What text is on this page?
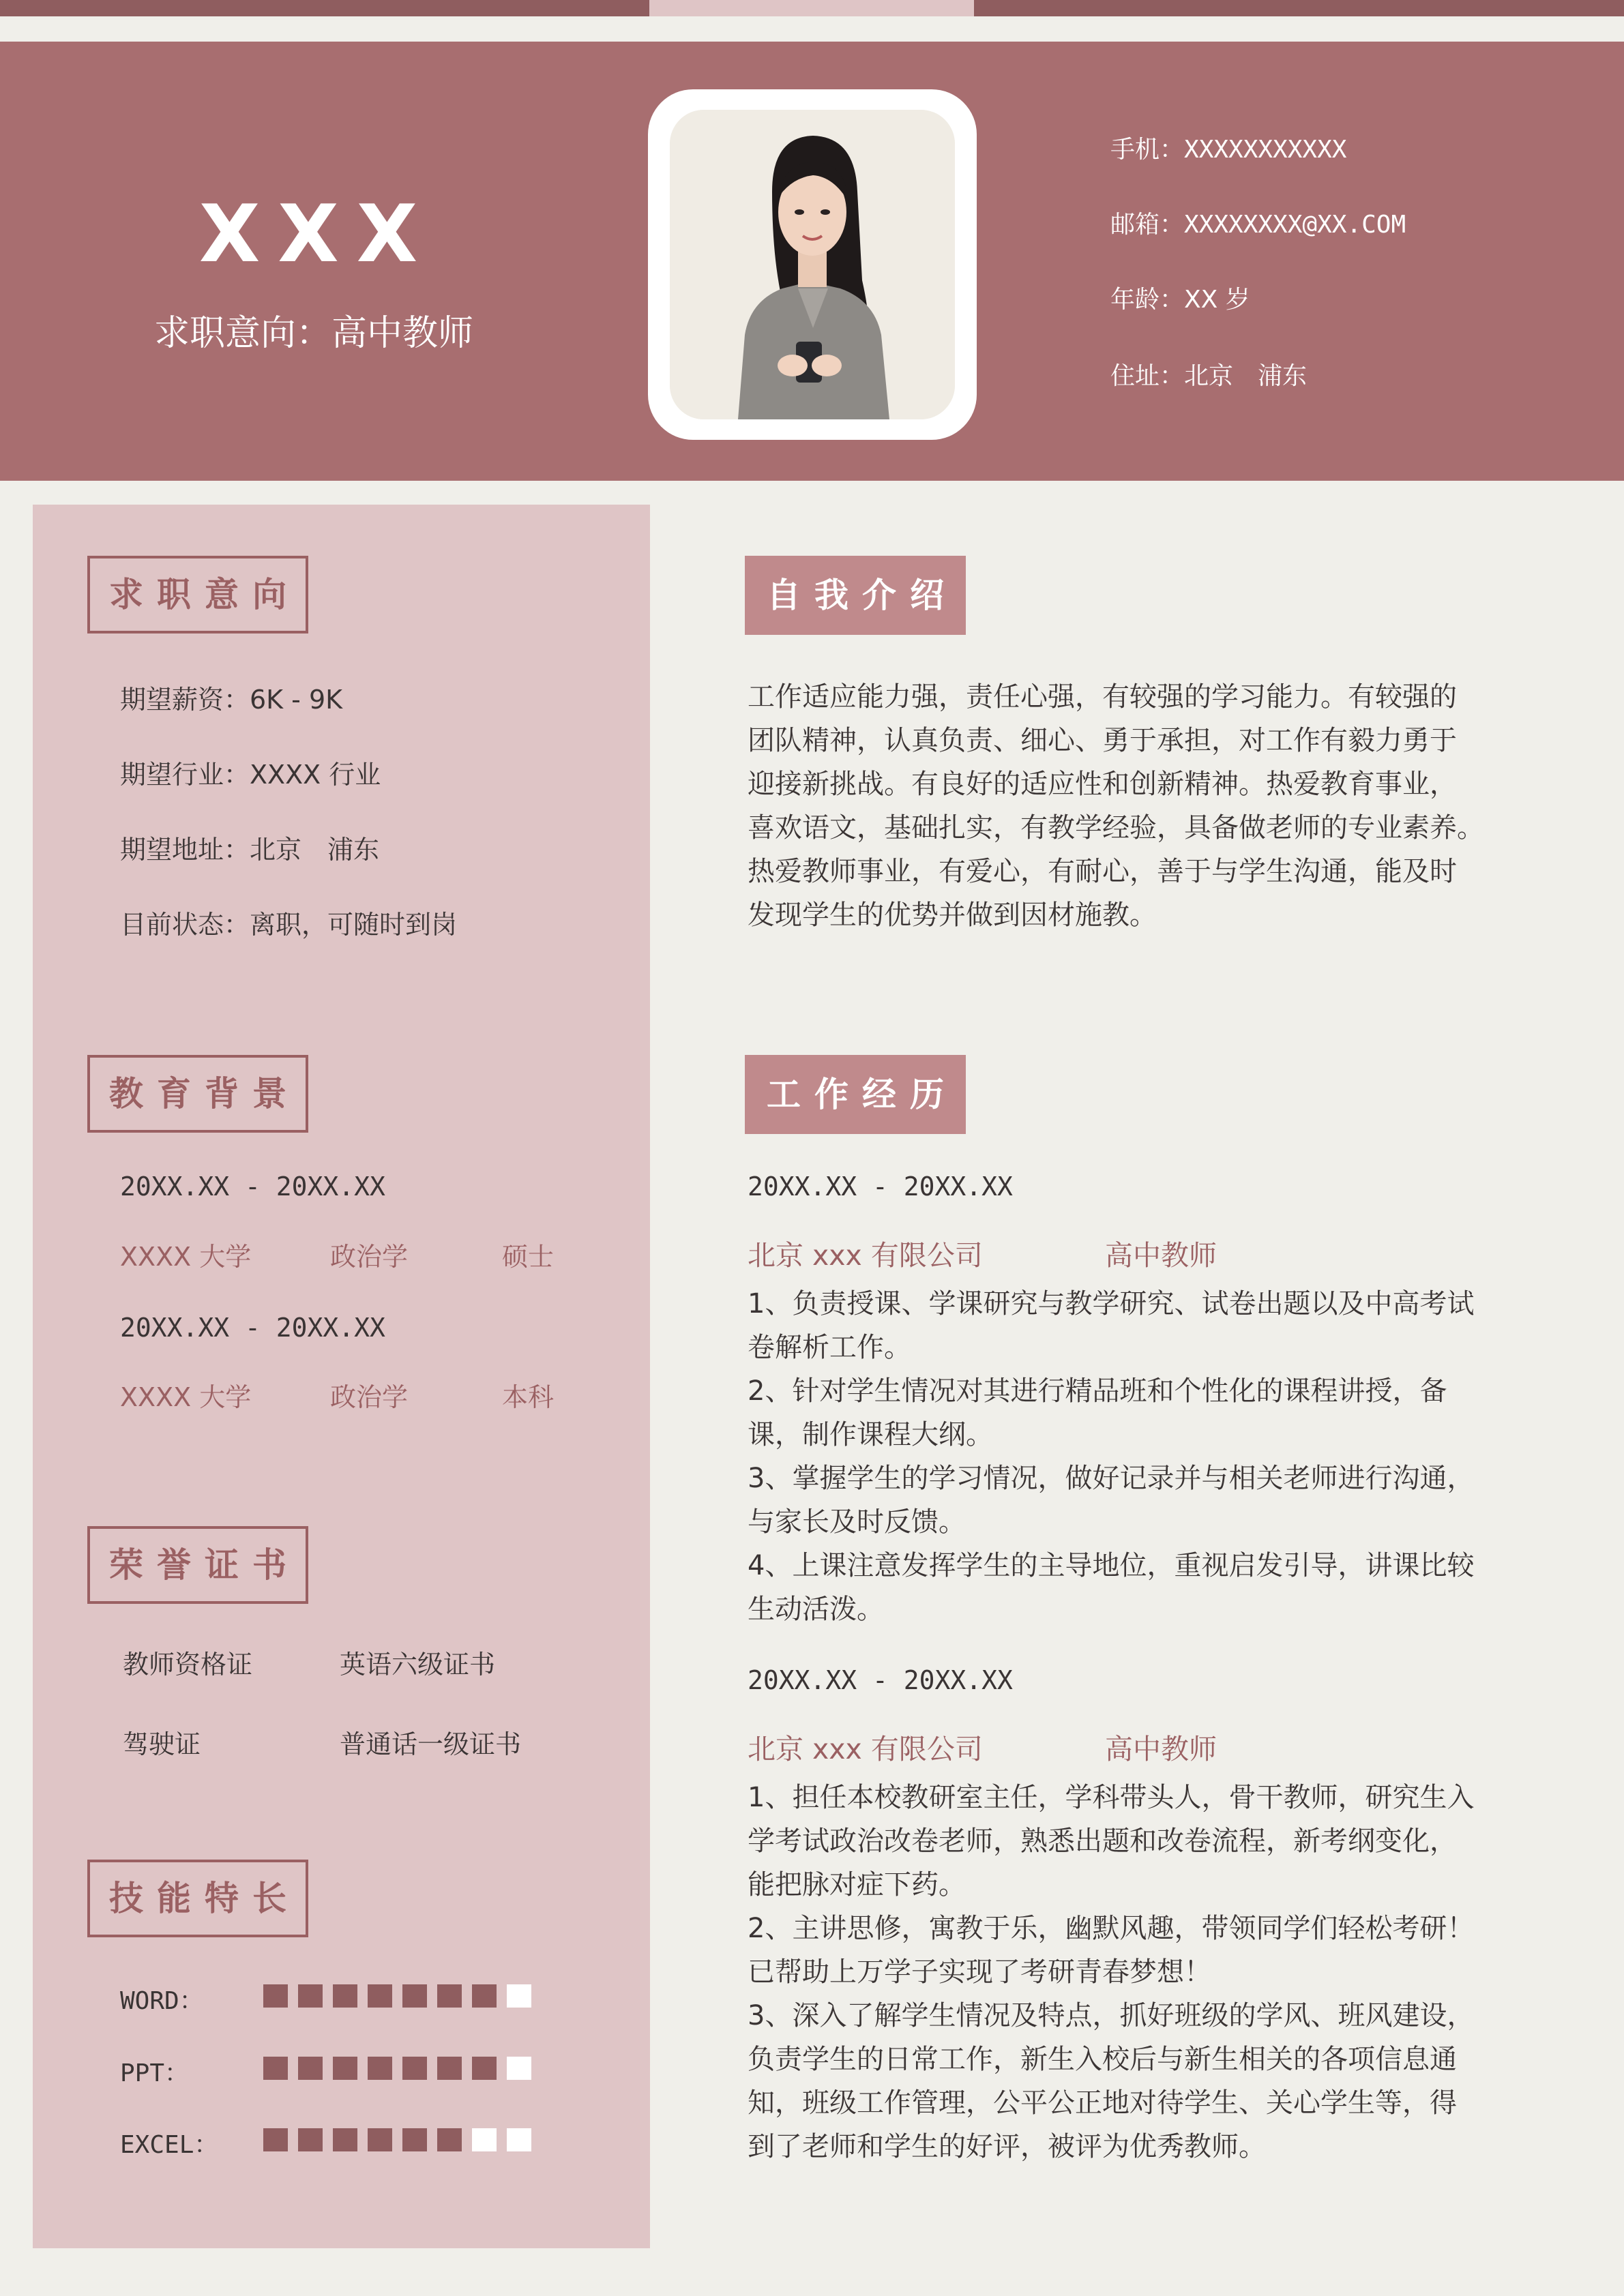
XXX
求职意向：高中教师
手机：XXXXXXXXXXX
邮箱：XXXXXXXX@XX.COM
年龄：XX 岁
住址：北京　浦东
求职意向
期望薪资：6K - 9K
期望行业：XXXX 行业
期望地址：北京　浦东
目前状态：离职，可随时到岗
教育背景
20XX.XX - 20XX.XX
XXXX 大学	政治学	硕士
20XX.XX - 20XX.XX
XXXX 大学	政治学	本科
荣誉证书
教师资格证	英语六级证书
驾驶证	普通话一级证书
技能特长
WORD：
PPT：
EXCEL：
自我介绍
工作适应能力强，责任心强，有较强的学习能力。有较强的
团队精神，认真负责、细心、勇于承担，对工作有毅力勇于
迎接新挑战。有良好的适应性和创新精神。热爱教育事业，
喜欢语文，基础扎实，有教学经验，具备做老师的专业素养。
热爱教师事业，有爱心，有耐心，善于与学生沟通，能及时
发现学生的优势并做到因材施教。
工作经历
20XX.XX - 20XX.XX
北京 xxx 有限公司	高中教师
1、负责授课、学课研究与教学研究、试卷出题以及中高考试
卷解析工作。
2、针对学生情况对其进行精品班和个性化的课程讲授，备
课，制作课程大纲。
3、掌握学生的学习情况，做好记录并与相关老师进行沟通，
与家长及时反馈。
4、上课注意发挥学生的主导地位，重视启发引导，讲课比较
生动活泼。
20XX.XX - 20XX.XX
北京 xxx 有限公司	高中教师
1、担任本校教研室主任，学科带头人，骨干教师，研究生入
学考试政治改卷老师，熟悉出题和改卷流程，新考纲变化，
能把脉对症下药。
2、主讲思修，寓教于乐，幽默风趣，带领同学们轻松考研！
已帮助上万学子实现了考研青春梦想！
3、深入了解学生情况及特点，抓好班级的学风、班风建设，
负责学生的日常工作，新生入校后与新生相关的各项信息通
知，班级工作管理，公平公正地对待学生、关心学生等，得
到了老师和学生的好评，被评为优秀教师。
